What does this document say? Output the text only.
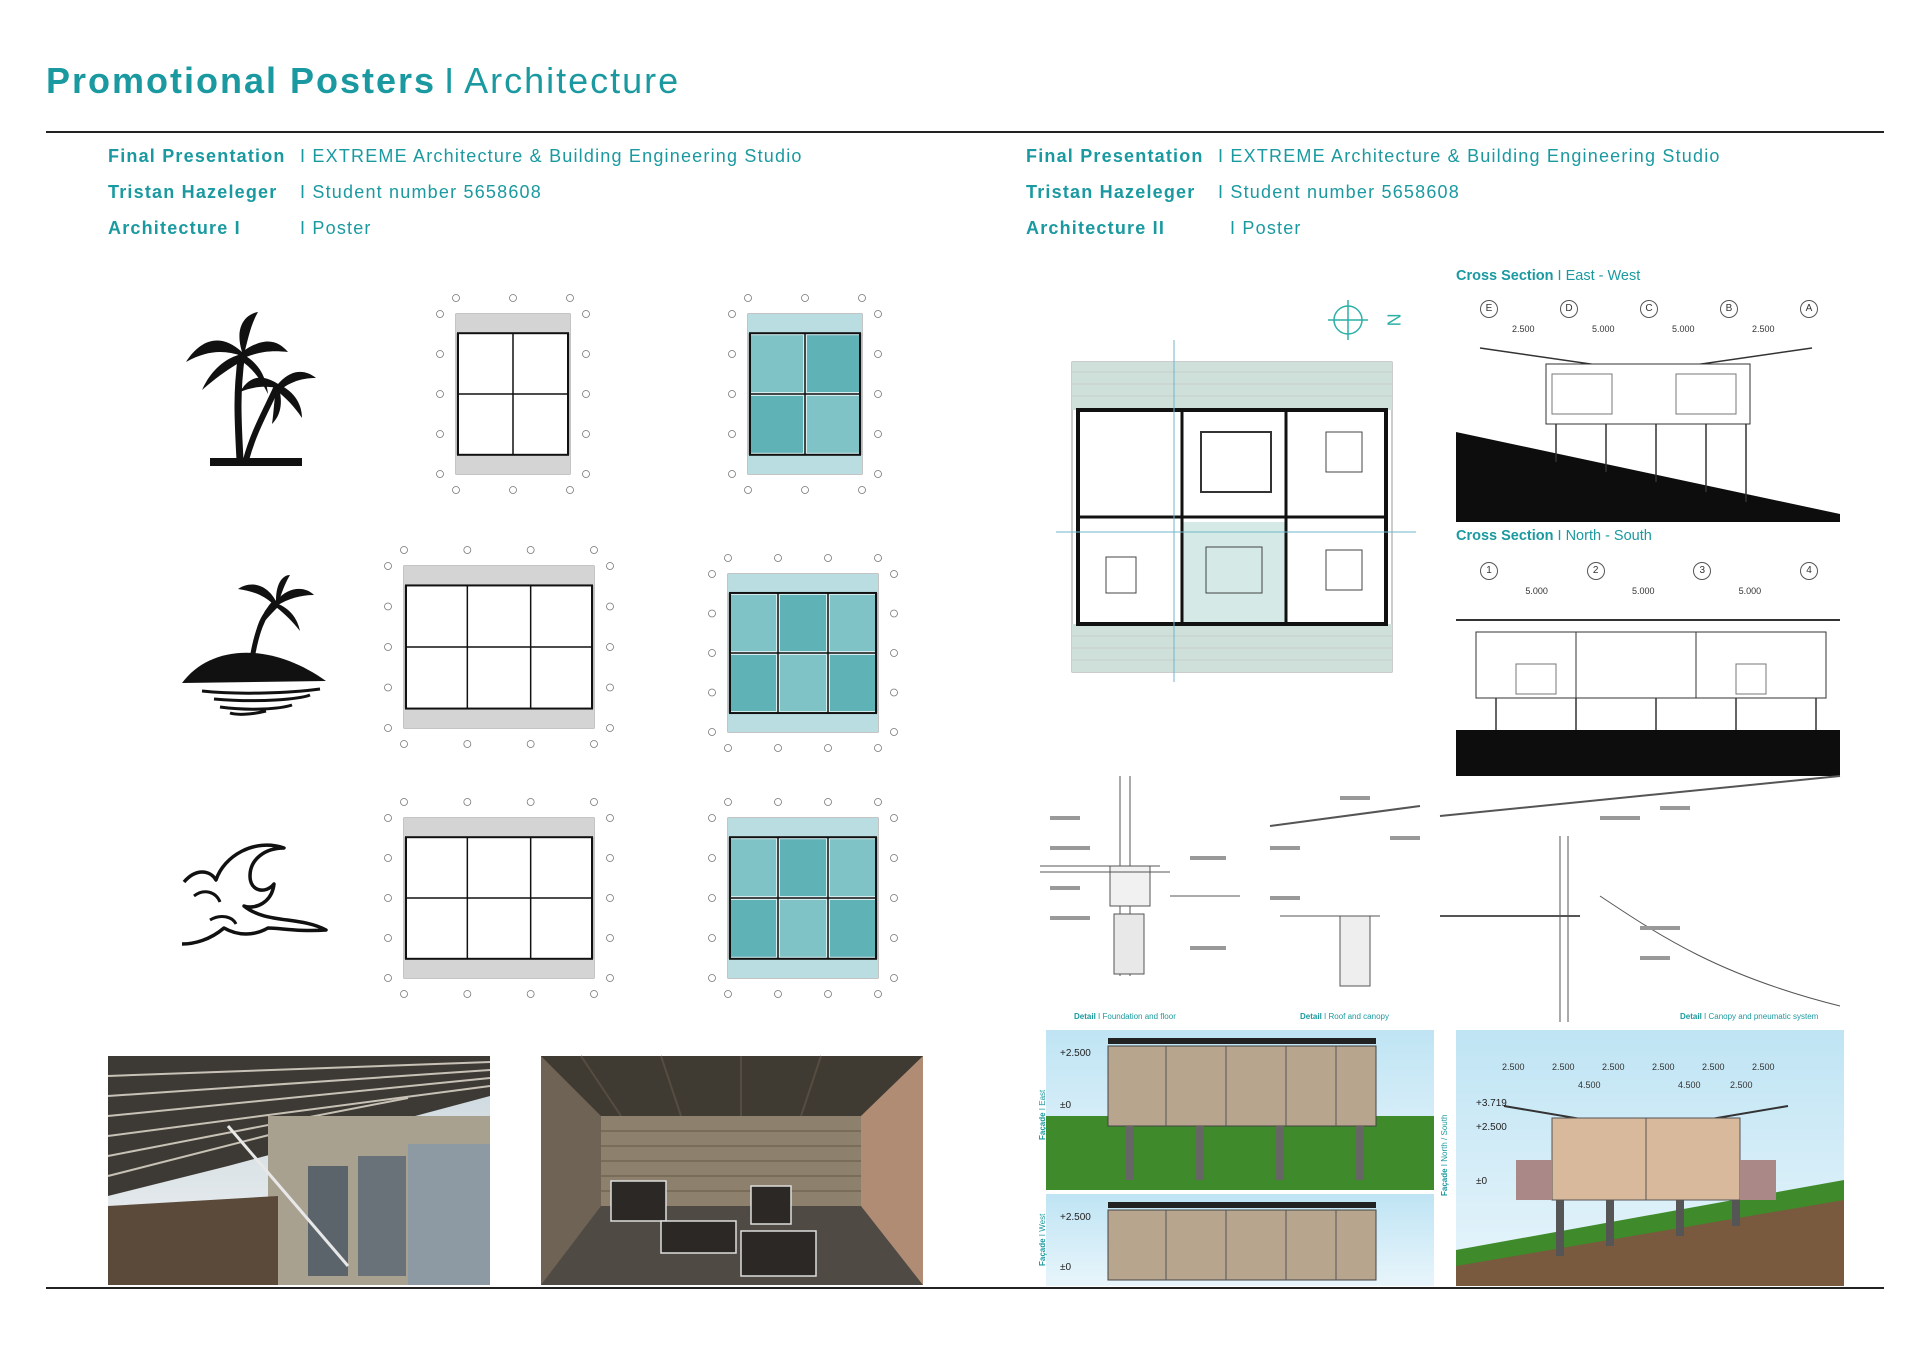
Promotional Posters I Architecture
Final Presentation I EXTREME Architecture & Building Engineering Studio
Tristan Hazeleger I Student number 5658608
Architecture I	I Poster
Final Presentation I EXTREME Architecture & Building Engineering Studio
Tristan Hazeleger I Student number 5658608
Architecture II	I Poster
N
Cross Section I East - West
Cross Section I North - South
Detail I Foundation and floor	Detail I Roof and canopy	Detail I Canopy and pneumatic system
+2.500
±0
+2.500
±0
Façade I East
Façade I West
Façade I North / South
2.500	2.500	2.500	2.500	2.500	2.500
4.500	4.500	2.500
+3.719
+2.500
±0
E	D	C	B	A
2.500	5.000	5.000	2.500
1	2	3	4
5.000	5.000	5.000
